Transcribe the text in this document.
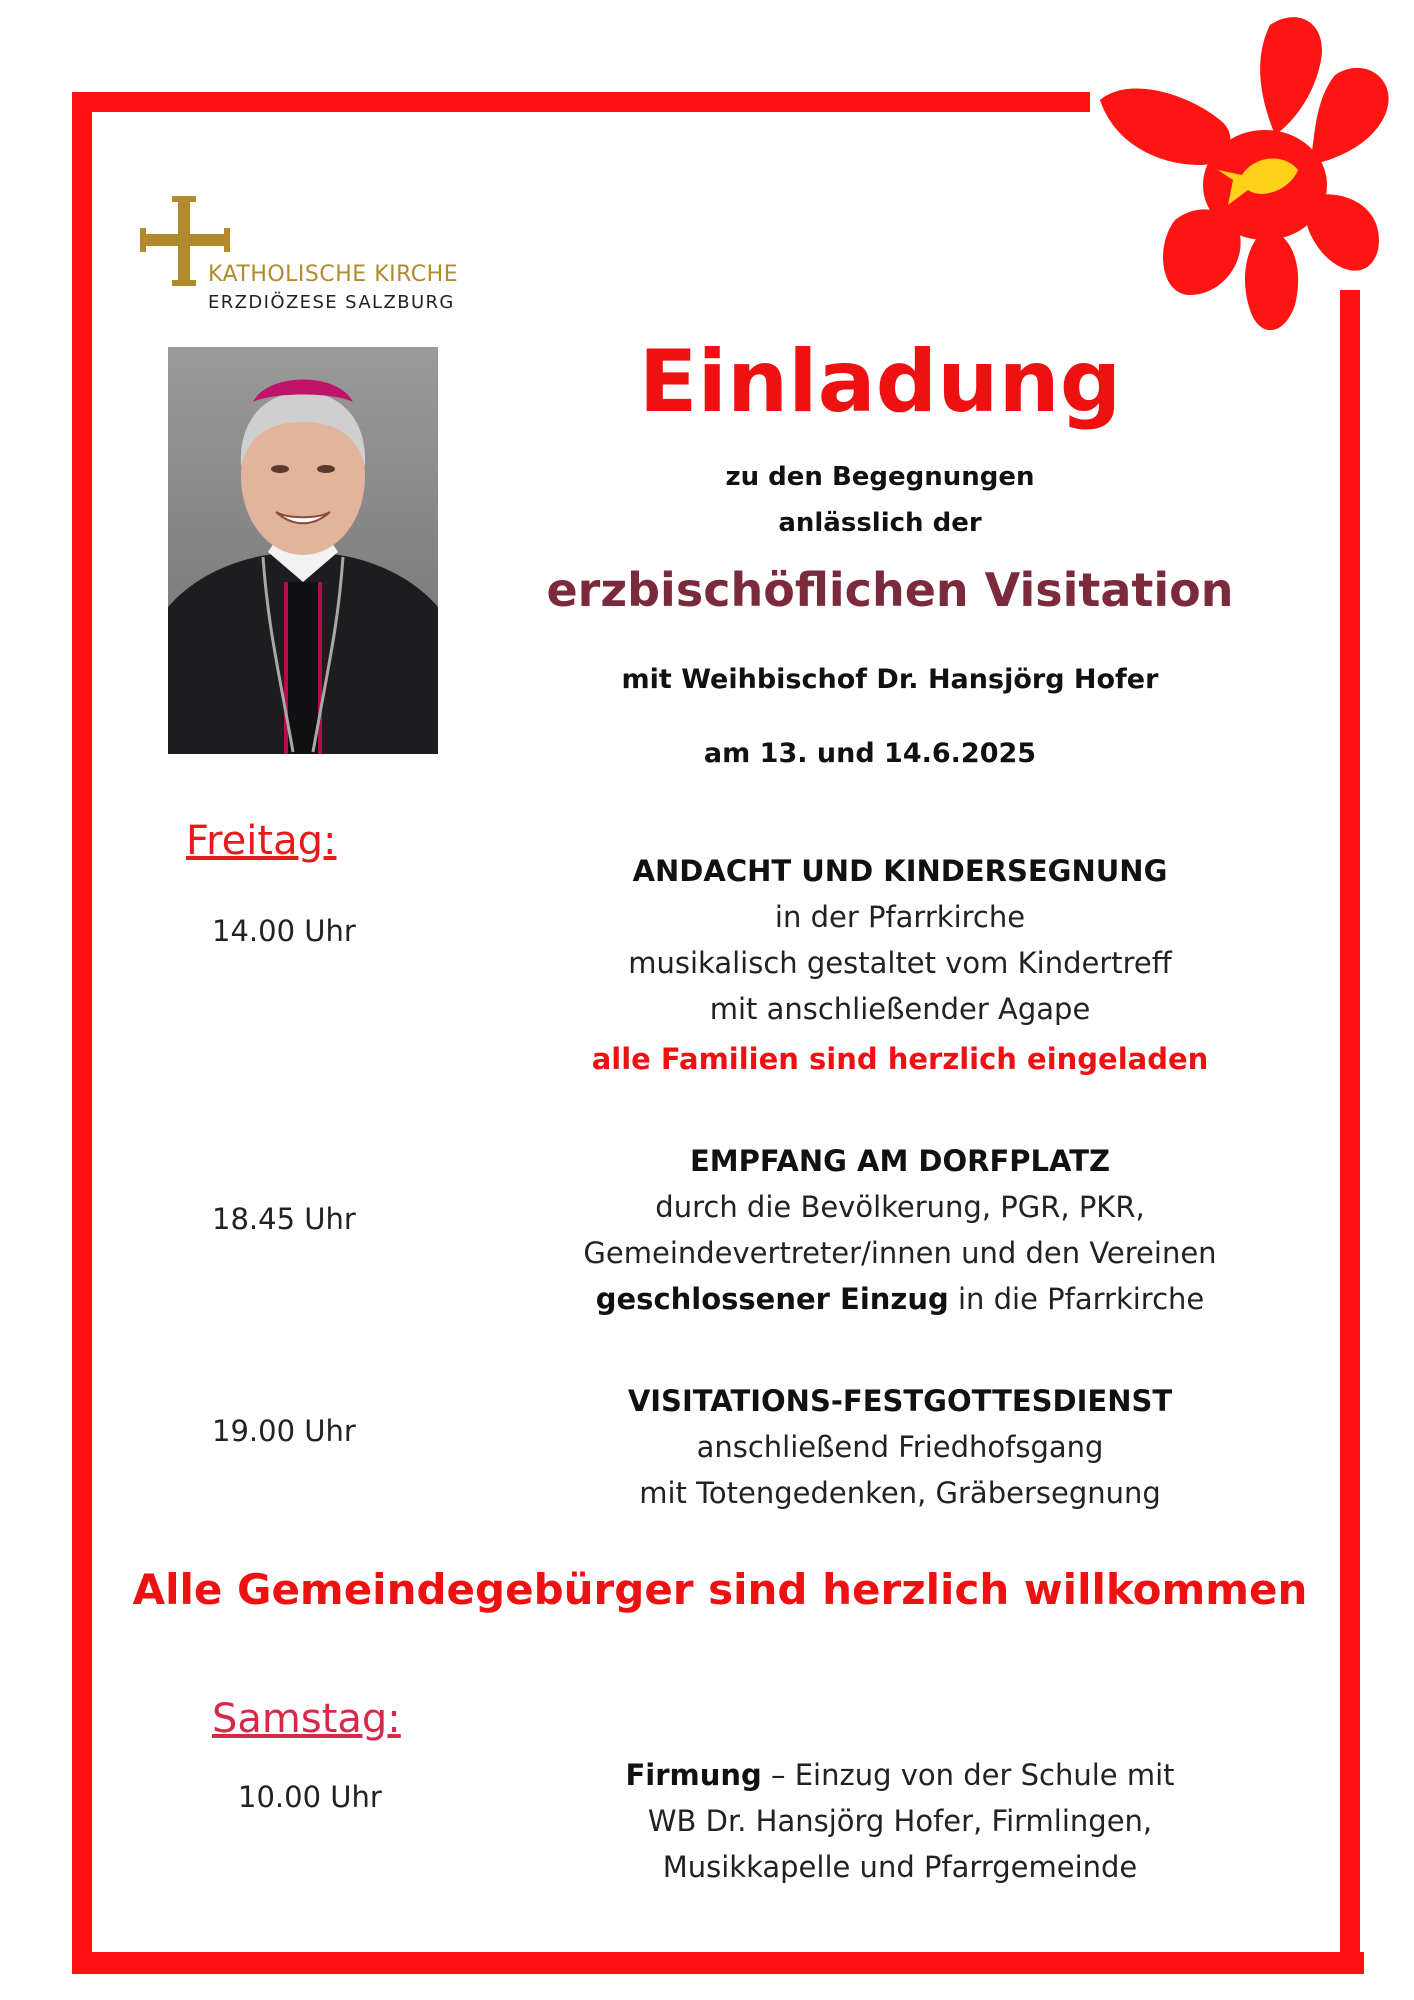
KATHOLISCHE KIRCHE
ERZDIÖZESE SALZBURG
Einladung
zu den Begegnungen
anlässlich der
erzbischöflichen Visitation
mit Weihbischof Dr. Hansjörg Hofer
am 13. und 14.6.2025
Freitag:
14.00 Uhr
ANDACHT UND KINDERSEGNUNG
in der Pfarrkirche
musikalisch gestaltet vom Kindertreff
mit anschließender Agape
alle Familien sind herzlich eingeladen
18.45 Uhr
EMPFANG AM DORFPLATZ
durch die Bevölkerung, PGR, PKR,
Gemeindevertreter/innen und den Vereinen
geschlossener Einzug in die Pfarrkirche
19.00 Uhr
VISITATIONS-FESTGOTTESDIENST
anschließend Friedhofsgang
mit Totengedenken, Gräbersegnung
Alle Gemeindegebürger sind herzlich willkommen
Samstag:
10.00 Uhr
Firmung – Einzug von der Schule mit
WB Dr. Hansjörg Hofer, Firmlingen,
Musikkapelle und Pfarrgemeinde
